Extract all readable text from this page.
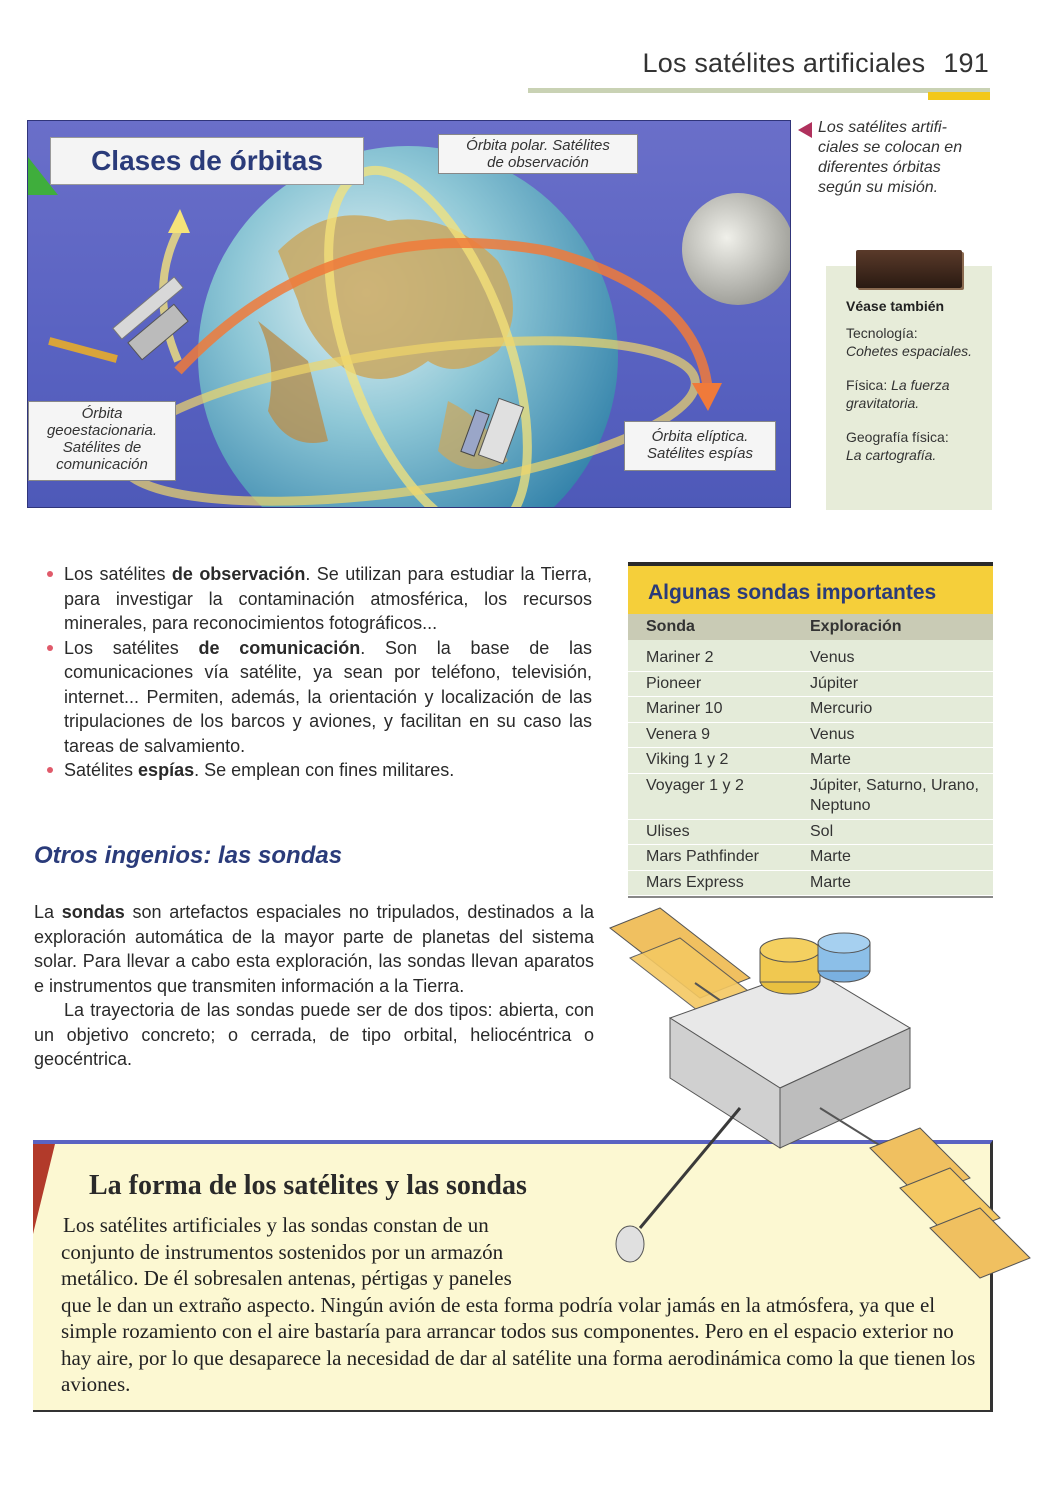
Los satélites artificiales 191
Clases de órbitas	Órbita polar. Satélites
de observación
Órbita
geoestacionaria.
Satélites de
comunicación
Órbita elíptica.
Satélites espías
Los satélites artifi-
ciales se colocan en
diferentes órbitas
según su misión.
Véase también

Tecnología:
Cohetes espaciales.

Física: La fuerza gravitatoria.

Geografía física:
La cartografía.

Los satélites de observación. Se utilizan para estudiar la Tierra, para investigar la contaminación atmosférica, los recursos minerales, para reconocimientos fotográficos...
Los satélites de comunicación. Son la base de las comunicaciones vía satélite, ya sean por teléfono, televisión, internet... Permiten, además, la orientación y localización de las tripulaciones de los barcos y aviones, y facilitan en su caso las tareas de salvamiento.
Satélites espías. Se emplean con fines militares.
Algunas sondas importantes
Sonda	Exploración
Mariner 2	Venus
Pioneer	Júpiter
Mariner 10	Mercurio
Venera 9	Venus
Viking 1 y 2	Marte
Voyager 1 y 2	Júpiter, Saturno, Urano, Neptuno
Ulises	Sol
Mars Pathfinder	Marte
Mars Express	Marte
Otros ingenios: las sondas

La sondas son artefactos espaciales no tripulados, destinados a la exploración automática de la mayor parte de planetas del sistema solar. Para llevar a cabo esta exploración, las sondas llevan aparatos e instrumentos que transmiten información a la Tierra.

La trayectoria de las sondas puede ser de dos tipos: abierta, con un objetivo concreto; o cerrada, de tipo orbital, heliocéntrica o geocéntrica.

La forma de los satélites y las sondas
Los satélites artificiales y las sondas constan de un
conjunto de instrumentos sostenidos por un armazón
metálico. De él sobresalen antenas, pértigas y paneles
que le dan un extraño aspecto. Ningún avión de esta forma podría volar jamás en la atmósfera, ya que el simple rozamiento con el aire bastaría para arrancar todos sus componentes. Pero en el espacio exterior no hay aire, por lo que desaparece la necesidad de dar al satélite una forma aerodinámica como la que tienen los aviones.
